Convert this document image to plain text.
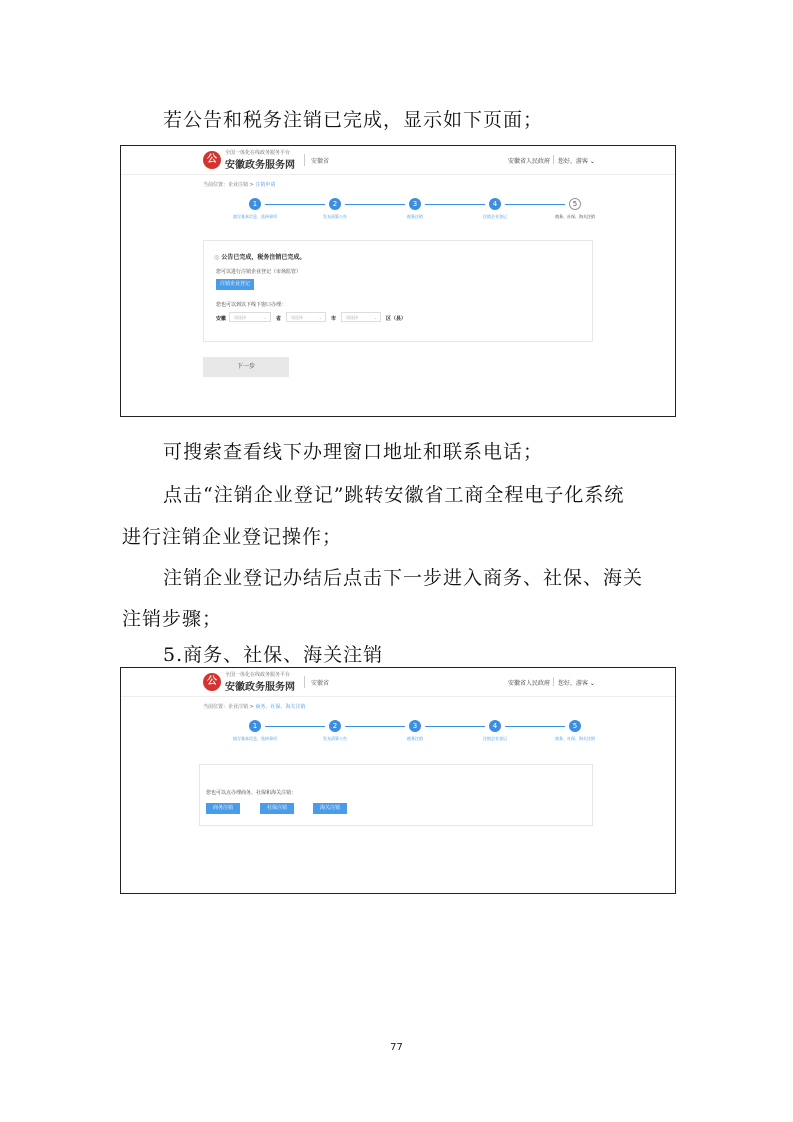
若公告和税务注销已完成，显示如下页面；
公
全国一体化在线政务服务平台
安徽政务服务网	安徽省	安徽省人民政府 您好，游客 ⌄
当前位置：企业注销 > 注销申请
1
填写基本信息、选择事项
2
发布清算公告
3
税务注销
4
注销企业登记
5
商务、社保、海关注销
◎ 公告已完成，税务注销已完成。
您可以进行注销企业登记（市场监管）
注销企业登记
您也可以到以下线下窗口办理：
安徽	请选择	⌄ 省	请选择	⌄ 市	请选择	⌄ 区（县）
下一步
可搜索查看线下办理窗口地址和联系电话；
点击“注销企业登记”跳转安徽省工商全程电子化系统
进行注销企业登记操作；
注销企业登记办结后点击下一步进入商务、社保、海关
注销步骤；
5.商务、社保、海关注销
公
全国一体化在线政务服务平台
安徽政务服务网	安徽省	安徽省人民政府 您好，游客 ⌄
当前位置：企业注销 > 商务、社保、海关注销
1
填写基本信息、选择事项
2
发布清算公告
3
税务注销
4
注销企业登记
5
商务、社保、海关注销
您也可以点办理商务、社保和海关注销：
商务注销	社保注销	海关注销
77
